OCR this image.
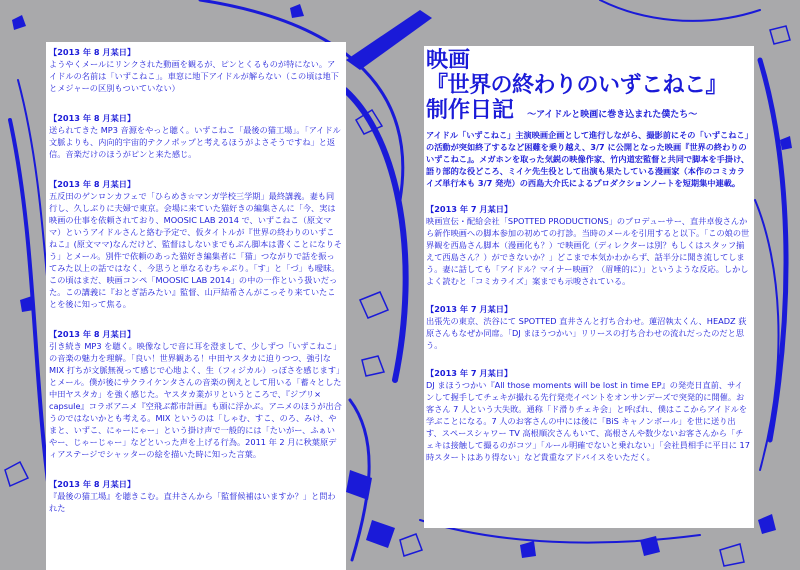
【2013 年 8 月某日】
ようやくメールにリンクされた動画を観るが、ピンとくるものが特にない。アイドルの名前は「いずこねこ」。車窓に地下アイドルが解らない（この頃は地下とメジャーの区別もついていない）
【2013 年 8 月某日】
送られてきた MP3 音源をやっと聴く。いずこねこ「最後の猫工場」。「アイドル文脈よりも、内向的宇宙的テクノポップと考えるほうがよさそうですね」と返信。音楽だけのほうがピンと来た感じ。
【2013 年 8 月某日】
五反田のゲンロンカフェで「ひらめき☆マンガ学校三学期」最終講義。妻も同行し、久しぶりに夫婦で東京。会場に来ていた猫好きの編集さんに「今、実は映画の仕事を依頼されており、MOOSIC LAB 2014 で、いずこねこ（原文ママ）というアイドルさんと絡む予定で、仮タイトルが『世界の終わりのいずこねこ』(原文ママ)なんだけど、監督はしないまでもぶん脚本は書くことになりそう」とメール。別件で依頼のあった猫好き編集者に「猫」つながりで話を振ってみた以上の話ではなく、今思うと単なるむちゃぶり。「す」と「づ」も曖昧。この頃はまだ、映画コンペ「MOOSIC LAB 2014」の中の一作という扱いだった。この講義に『おとぎ話みたい』監督、山戸結希さんがこっそり来ていたことを後に知って焦る。
【2013 年 8 月某日】
引き続き MP3 を聴く。映像なしで音に耳を澄まして、少しずつ「いずこねこ」の音楽の魅力を理解。「良い！世界観ある！中田ヤスタカに迫りつつ、強引な MIX 打ちが文脈無視って感じで心地よく、生（フィジカル）っぽさを感じます」とメール。僕が後にサクライケンタさんの音楽の例えとして用いる「蓄々とした中田ヤスタカ」を強く感じた。ヤスタカ業がリというところで、『ジブリ× capsule』コラボアニメ『空飛ぶ都市計画』も頭に浮かぶ。アニメのほうが出合うのではないかとも考える。MIX というのは「しゃむ、すこ、のろ、みけ、やまと、いずこ、にゃーにゃー」という掛け声で一般的には「たいがー、ふぁいやー、じゃーじゃー」などといった声を上げる行為。2011 年 2 月に秋葉原ディアステージでシャッターの絵を描いた時に知った言葉。
【2013 年 8 月某日】
『最後の猫工場』を聴きこむ。直井さんから「監督候補はいますか？」と問われた
映画
『世界の終わりのいずこねこ』
制作日記 〜アイドルと映画に巻き込まれた僕たち〜
アイドル「いずこねこ」主演映画企画として進行しながら、撮影前にその「いずこねこ」の活動が突如終了するなど困難を乗り越え、3/7 に公開となった映画『世界の終わりのいずこねこ』。メガホンを取った気鋭の映像作家、竹内道宏監督と共同で脚本を手掛け、語り部的な役どころ、ミイケ先生役として出演も果たしている漫画家（本作のコミカライズ単行本も 3/7 発売）の西島大介氏によるプロダクションノートを短期集中連載。
【2013 年 7 月某日】
映画宣伝・配給会社「SPOTTED PRODUCTIONS」のプロデューサー、直井卓俊さんから新作映画への脚本参加の初めての打診。当時のメールを引用すると以下。「この娘の世界観を西島さん脚本（漫画化も？）で映画化（ディレクターは別？もしくはスタッフ揃えて西島さん？）ができないか？」どこまで本気かわからず、話半分に聞き流してしまう。妻に話しても「アイドル？マイナー映画？（眉唾的に）」というような反応。しかしよく読むと「コミカライズ」案までも示唆されている。
【2013 年 7 月某日】
出張先の東京、渋谷にて SPOTTED 直井さんと打ち合わせ。蓮沼執太くん、HEADZ 荻原さんもなぜか同席。「DJ まほうつかい」リリースの打ち合わせの流れだったのだと思う。
【2013 年 7 月某日】
DJ まほうつかい『All those moments will be lost in time EP』の発売日直前、サインして握手してチェキが撮れる先行発売イベントをオンサンデーズで突発的に開催。お客さん 7 人という大失敗。通称「ド滑りチェキ会」と呼ばれ、僕はここからアイドルを学ぶことになる。7 人のお客さんの中には後に「BiS キャノンボール」を世に送り出す、スペースシャワー TV 高根順次さんもいて、高根さんや数少ないお客さんから「チェキは接触して撮るのがコツ」「ルール明確でないと乗れない」「会社員相手に平日に 17 時スタートはあり得ない」など貴重なアドバイスをいただく。
